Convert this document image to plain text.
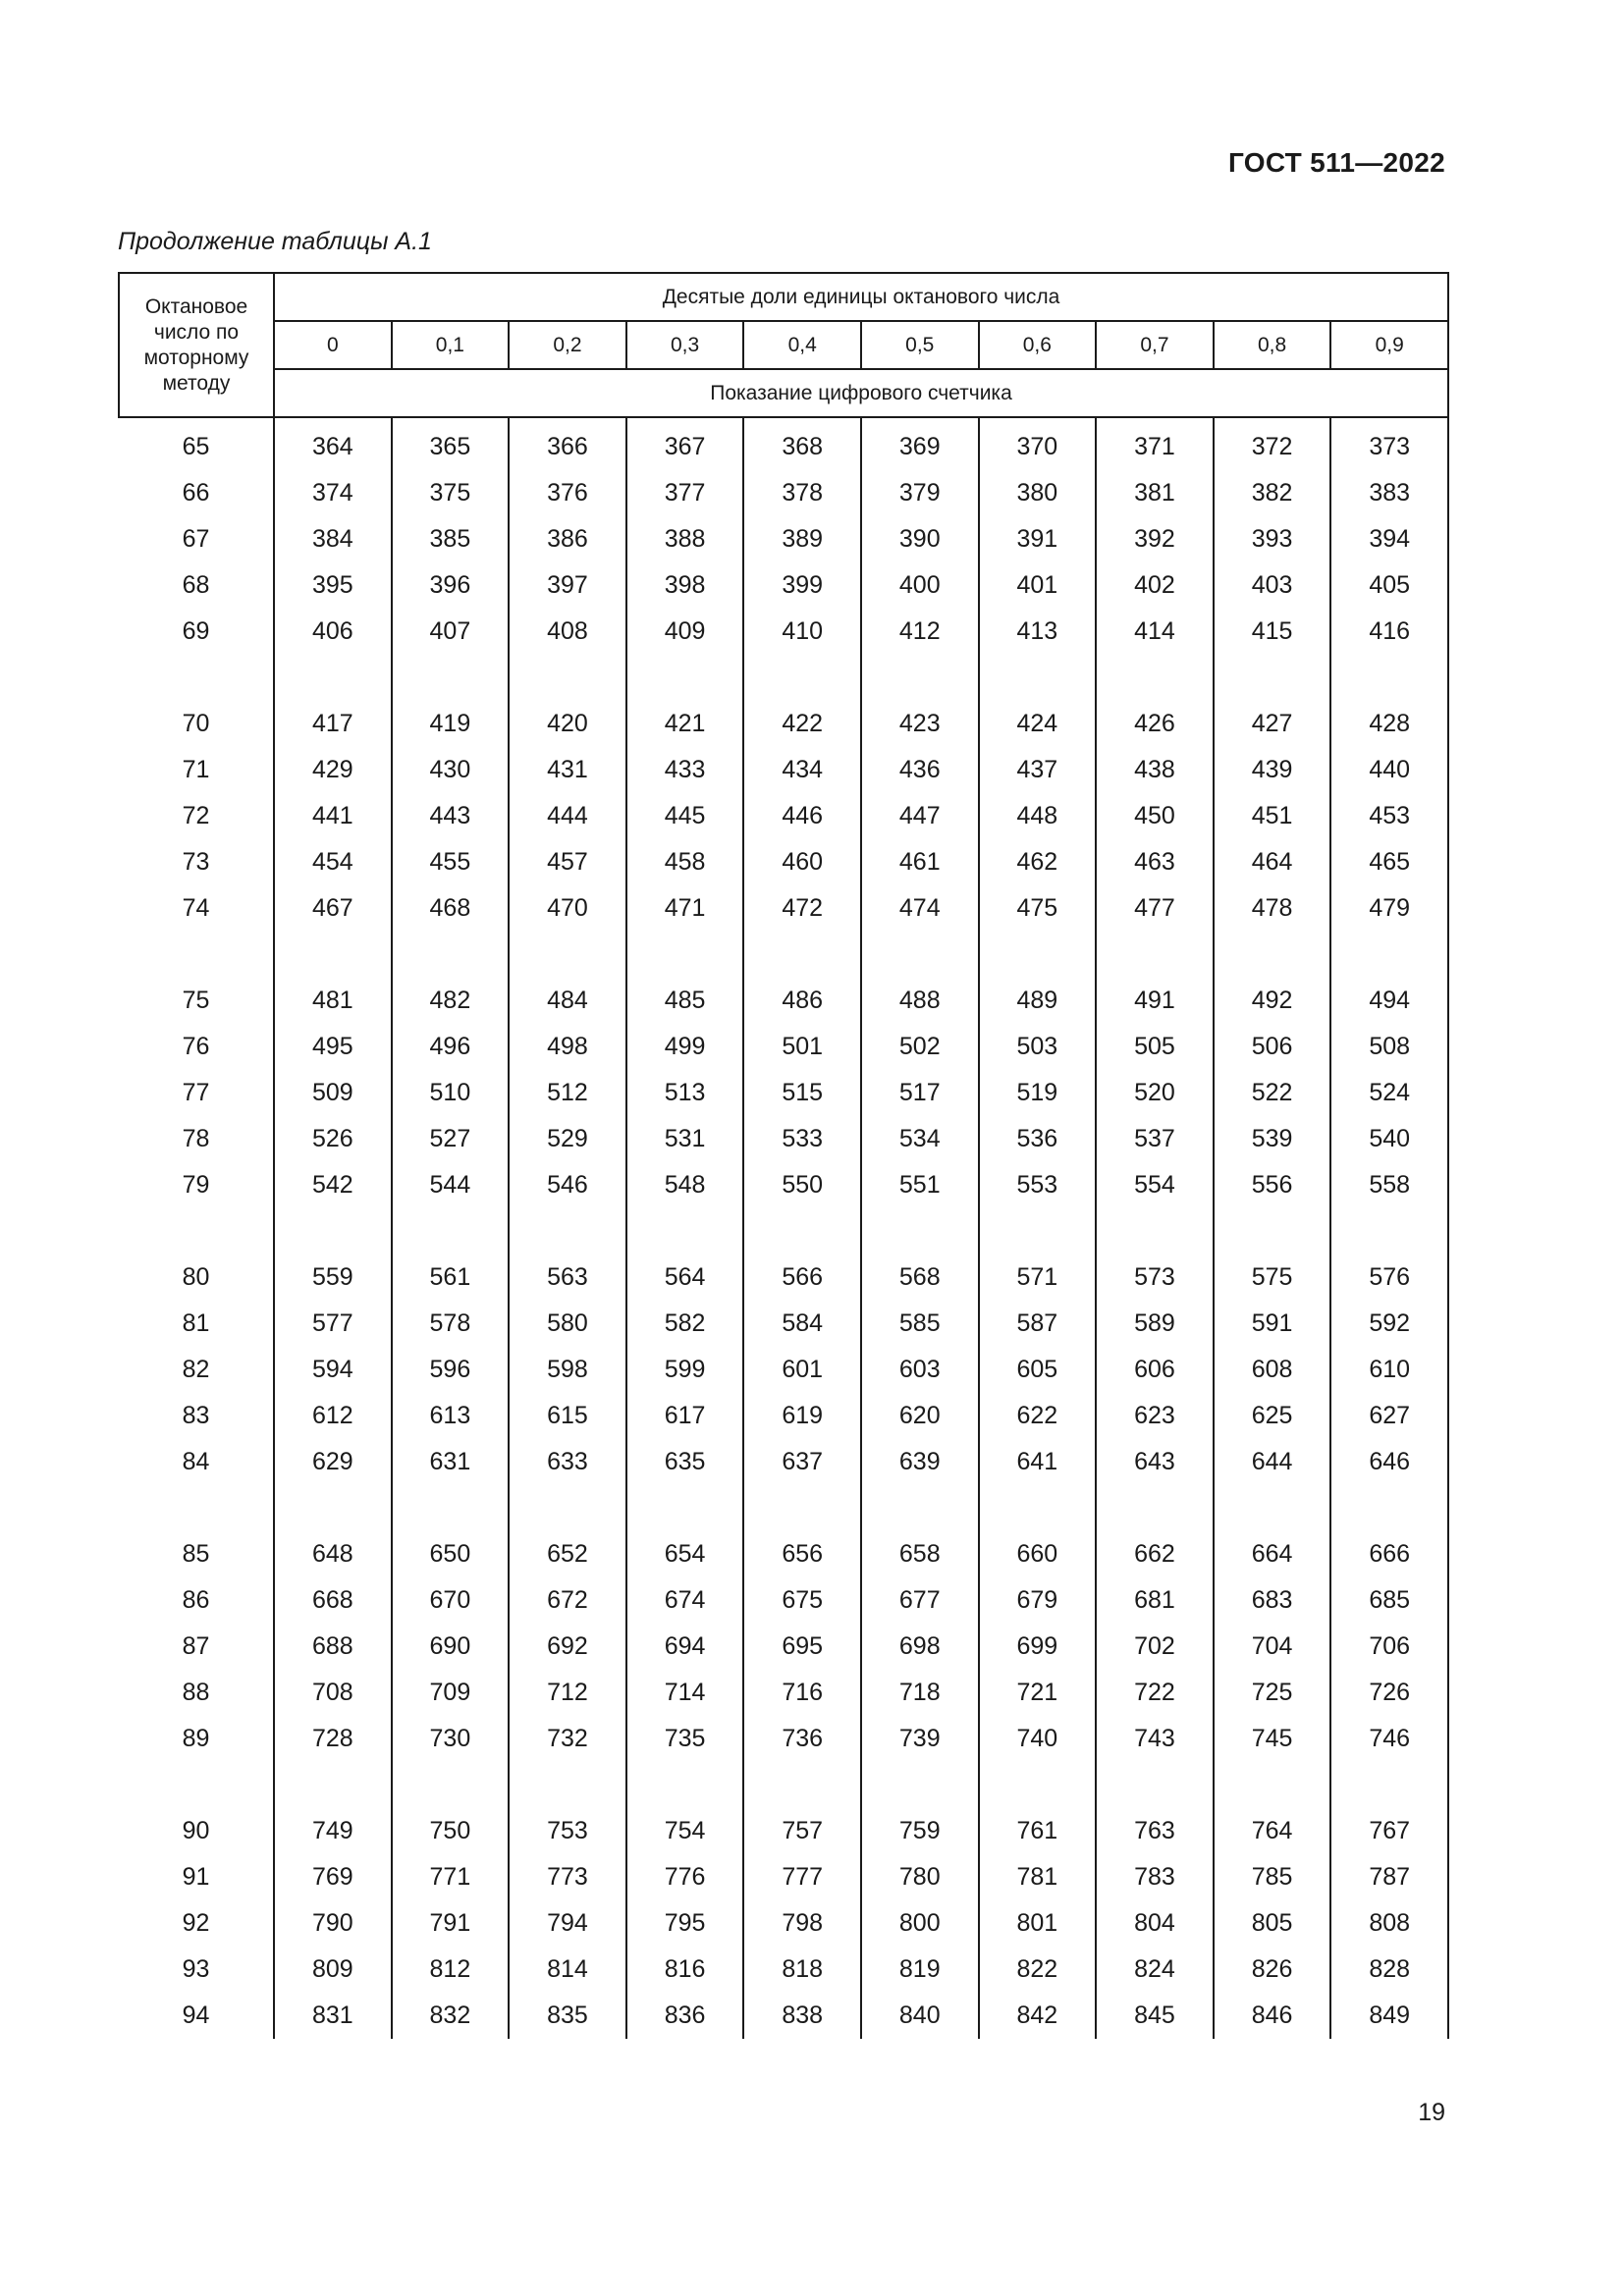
ГОСТ 511—2022
Продолжение таблицы А.1
Октановое число по моторному методу	Десятые доли единицы октанового числа									
	0	0,1	0,2	0,3	0,4	0,5	0,6	0,7	0,8	0,9
	Показание цифрового счетчика									
65	364	365	366	367	368	369	370	371	372	373
66	374	375	376	377	378	379	380	381	382	383
67	384	385	386	388	389	390	391	392	393	394
68	395	396	397	398	399	400	401	402	403	405
69	406	407	408	409	410	412	413	414	415	416

70	417	419	420	421	422	423	424	426	427	428
71	429	430	431	433	434	436	437	438	439	440
72	441	443	444	445	446	447	448	450	451	453
73	454	455	457	458	460	461	462	463	464	465
74	467	468	470	471	472	474	475	477	478	479

75	481	482	484	485	486	488	489	491	492	494
76	495	496	498	499	501	502	503	505	506	508
77	509	510	512	513	515	517	519	520	522	524
78	526	527	529	531	533	534	536	537	539	540
79	542	544	546	548	550	551	553	554	556	558

80	559	561	563	564	566	568	571	573	575	576
81	577	578	580	582	584	585	587	589	591	592
82	594	596	598	599	601	603	605	606	608	610
83	612	613	615	617	619	620	622	623	625	627
84	629	631	633	635	637	639	641	643	644	646

85	648	650	652	654	656	658	660	662	664	666
86	668	670	672	674	675	677	679	681	683	685
87	688	690	692	694	695	698	699	702	704	706
88	708	709	712	714	716	718	721	722	725	726
89	728	730	732	735	736	739	740	743	745	746

90	749	750	753	754	757	759	761	763	764	767
91	769	771	773	776	777	780	781	783	785	787
92	790	791	794	795	798	800	801	804	805	808
93	809	812	814	816	818	819	822	824	826	828
94	831	832	835	836	838	840	842	845	846	849
19
